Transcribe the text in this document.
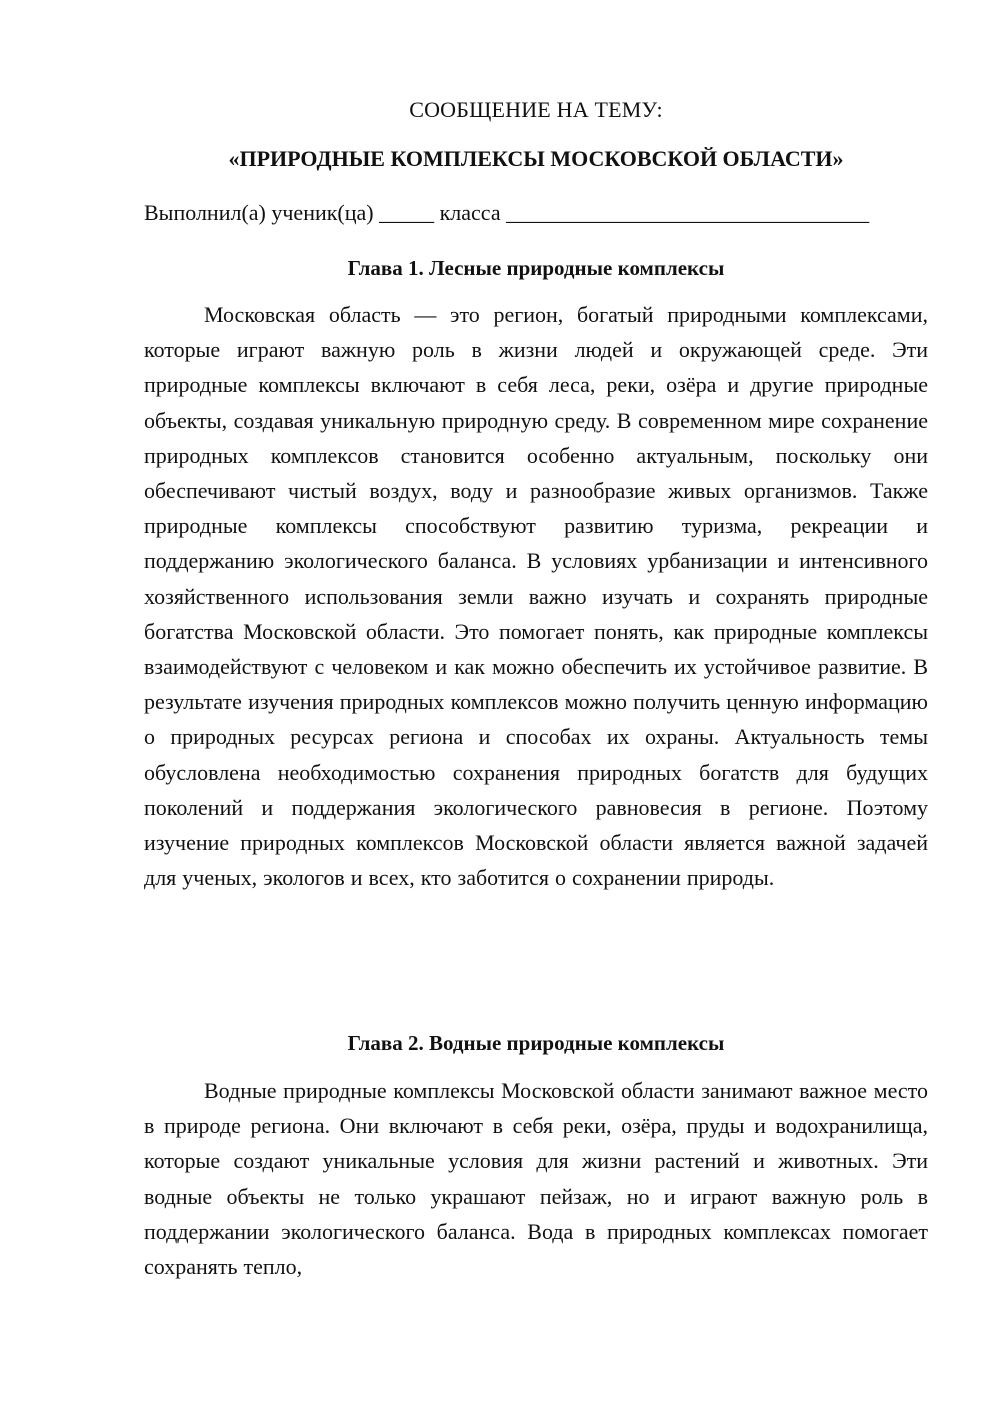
СООБЩЕНИЕ НА ТЕМУ:
«ПРИРОДНЫЕ КОМПЛЕКСЫ МОСКОВСКОЙ ОБЛАСТИ»
Выполнил(а) ученик(ца) _____ класса _________________________________
Глава 1. Лесные природные комплексы

Московская область — это регион, богатый природными комплексами, которые играют важную роль в жизни людей и окружающей среде. Эти природные комплексы включают в себя леса, реки, озёра и другие природные объекты, создавая уникальную природную среду. В современном мире сохранение природных комплексов становится особенно актуальным, поскольку они обеспечивают чистый воздух, воду и разнообразие живых организмов. Также природные комплексы способствуют развитию туризма, рекреации и поддержанию экологического баланса. В условиях урбанизации и интенсивного хозяйственного использования земли важно изучать и сохранять природные богатства Московской области. Это помогает понять, как природные комплексы взаимодействуют с человеком и как можно обеспечить их устойчивое развитие. В результате изучения природных комплексов можно получить ценную информацию о природных ресурсах региона и способах их охраны. Актуальность темы обусловлена необходимостью сохранения природных богатств для будущих поколений и поддержания экологического равновесия в регионе. Поэтому изучение природных комплексов Московской области является важной задачей для ученых, экологов и всех, кто заботится о сохранении природы.

Глава 2. Водные природные комплексы

Водные природные комплексы Московской области занимают важное место в природе региона. Они включают в себя реки, озёра, пруды и водохранилища, которые создают уникальные условия для жизни растений и животных. Эти водные объекты не только украшают пейзаж, но и играют важную роль в поддержании экологического баланса. Вода в природных комплексах помогает сохранять тепло,
